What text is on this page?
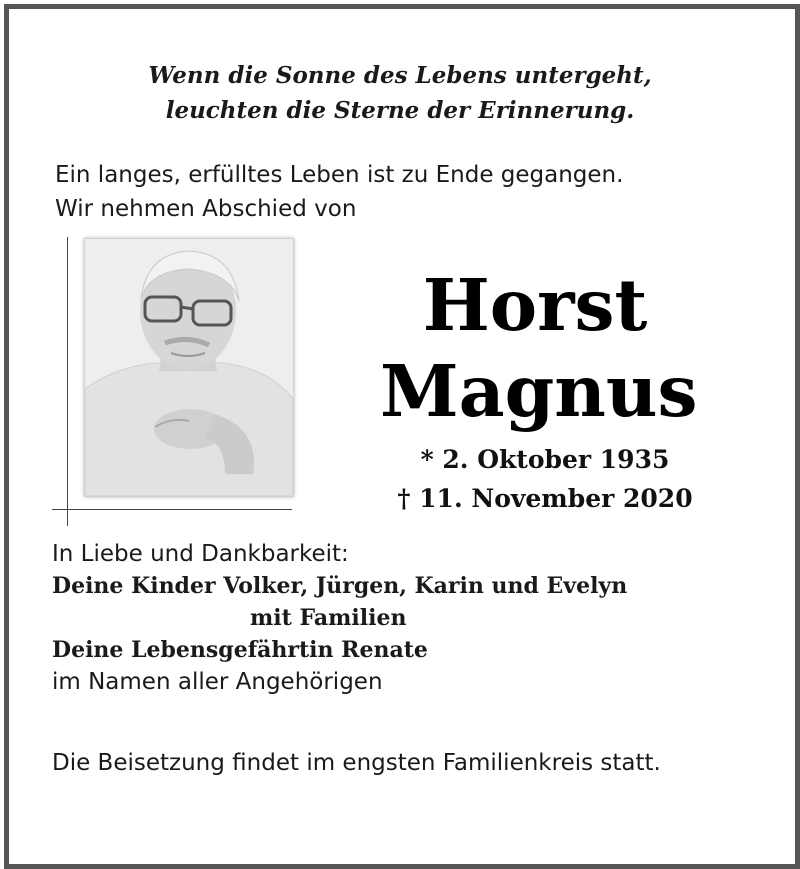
Wenn die Sonne des Lebens untergeht,
leuchten die Sterne der Erinnerung.
Ein langes, erfülltes Leben ist zu Ende gegangen.
Wir nehmen Abschied von
Horst
Magnus
* 2. Oktober 1935
† 11. November 2020
In Liebe und Dankbarkeit:
Deine Kinder Volker, Jürgen, Karin und Evelyn
mit Familien
Deine Lebensgefährtin Renate
im Namen aller Angehörigen
Die Beisetzung findet im engsten Familienkreis statt.
